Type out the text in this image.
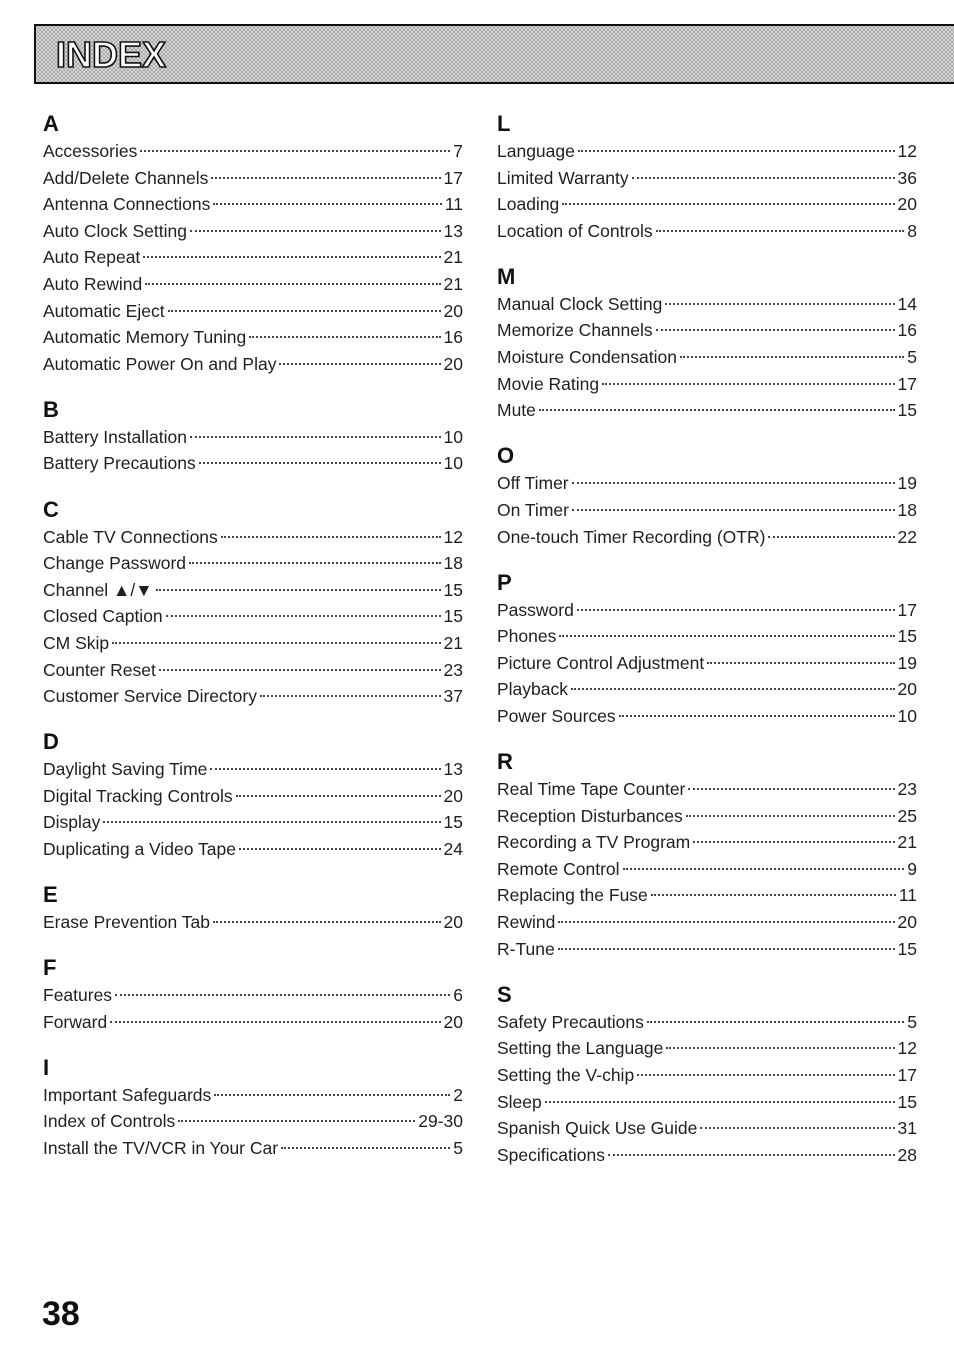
INDEX
A
Accessories	7
Add/Delete Channels	17
Antenna Connections	11
Auto Clock Setting	13
Auto Repeat	21
Auto Rewind	21
Automatic Eject	20
Automatic Memory Tuning	16
Automatic Power On and Play	20
B
Battery Installation	10
Battery Precautions	10
C
Cable TV Connections	12
Change Password	18
Channel ▲/▼	15
Closed Caption	15
CM Skip	21
Counter Reset	23
Customer Service Directory	37
D
Daylight Saving Time	13
Digital Tracking Controls	20
Display	15
Duplicating a Video Tape	24
E
Erase Prevention Tab	20
F
Features	6
Forward	20
I
Important Safeguards	2
Index of Controls	29-30
Install the TV/VCR in Your Car	5
L
Language	12
Limited Warranty	36
Loading	20
Location of Controls	8
M
Manual Clock Setting	14
Memorize Channels	16
Moisture Condensation	5
Movie Rating	17
Mute	15
O
Off Timer	19
On Timer	18
One-touch Timer Recording (OTR)	22
P
Password	17
Phones	15
Picture Control Adjustment	19
Playback	20
Power Sources	10
R
Real Time Tape Counter	23
Reception Disturbances	25
Recording a TV Program	21
Remote Control	9
Replacing the Fuse	11
Rewind	20
R-Tune	15
S
Safety Precautions	5
Setting the Language	12
Setting the V-chip	17
Sleep	15
Spanish Quick Use Guide	31
Specifications	28
38
